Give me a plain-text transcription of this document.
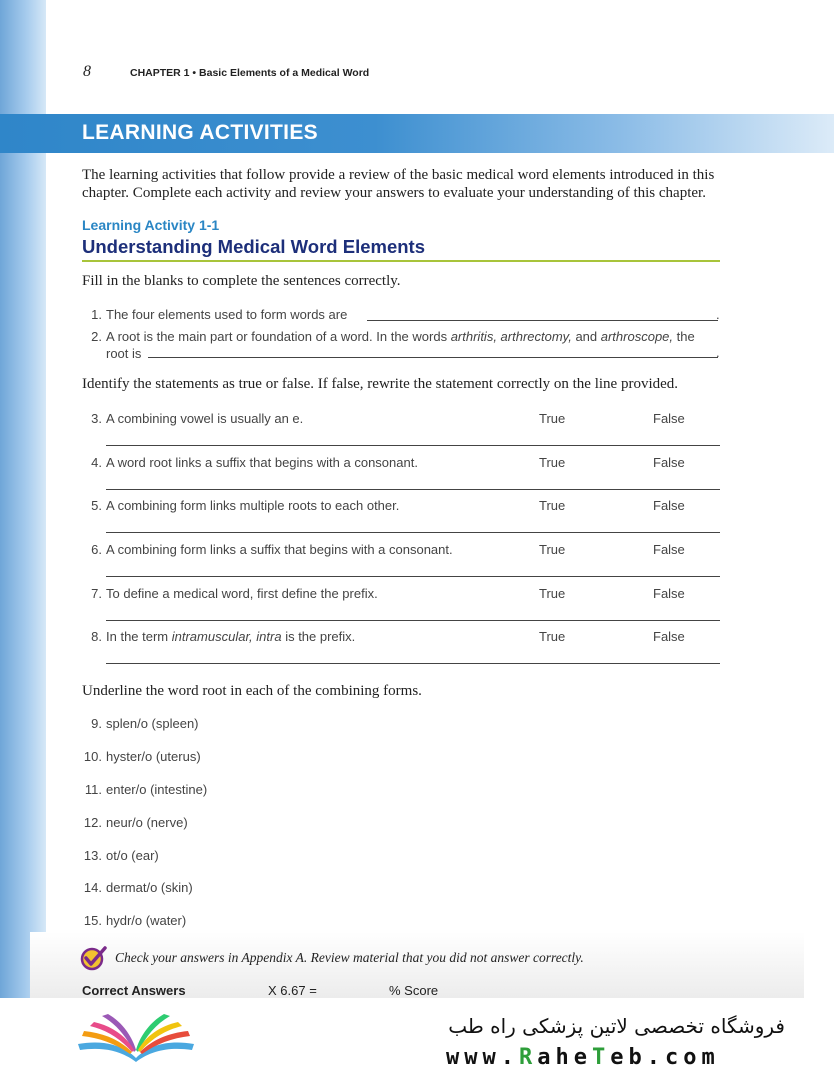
8	CHAPTER 1 • Basic Elements of a Medical Word
LEARNING ACTIVITIES

The learning activities that follow provide a review of the basic medical word elements introduced in this chapter. Complete each activity and review your answers to evaluate your understanding of this chapter.

Learning Activity 1-1
Understanding Medical Word Elements
Fill in the blanks to complete the sentences correctly.
1. The four elements used to form words are	.
2. A root is the main part or foundation of a word. In the words arthritis, arthrectomy, and arthroscope, the
root is	.
Identify the statements as true or false. If false, rewrite the statement correctly on the line provided.
3. A combining vowel is usually an e.	True	False
4. A word root links a suffix that begins with a consonant.	True	False
5. A combining form links multiple roots to each other.	True	False
6. A combining form links a suffix that begins with a consonant.	True	False
7. To define a medical word, first define the prefix.	True	False
8. In the term intramuscular, intra is the prefix.	True	False
Underline the word root in each of the combining forms.
9. splen/o (spleen)
10. hyster/o (uterus)
11. enter/o (intestine)
12. neur/o (nerve)
13. ot/o (ear)
14. dermat/o (skin)
15. hydr/o (water)
Check your answers in Appendix A. Review material that you did not answer correctly.
Correct Answers	X 6.67 =	% Score
فروشگاه تخصصی لاتین پزشکی راه طب
www.RaheTeb.com
